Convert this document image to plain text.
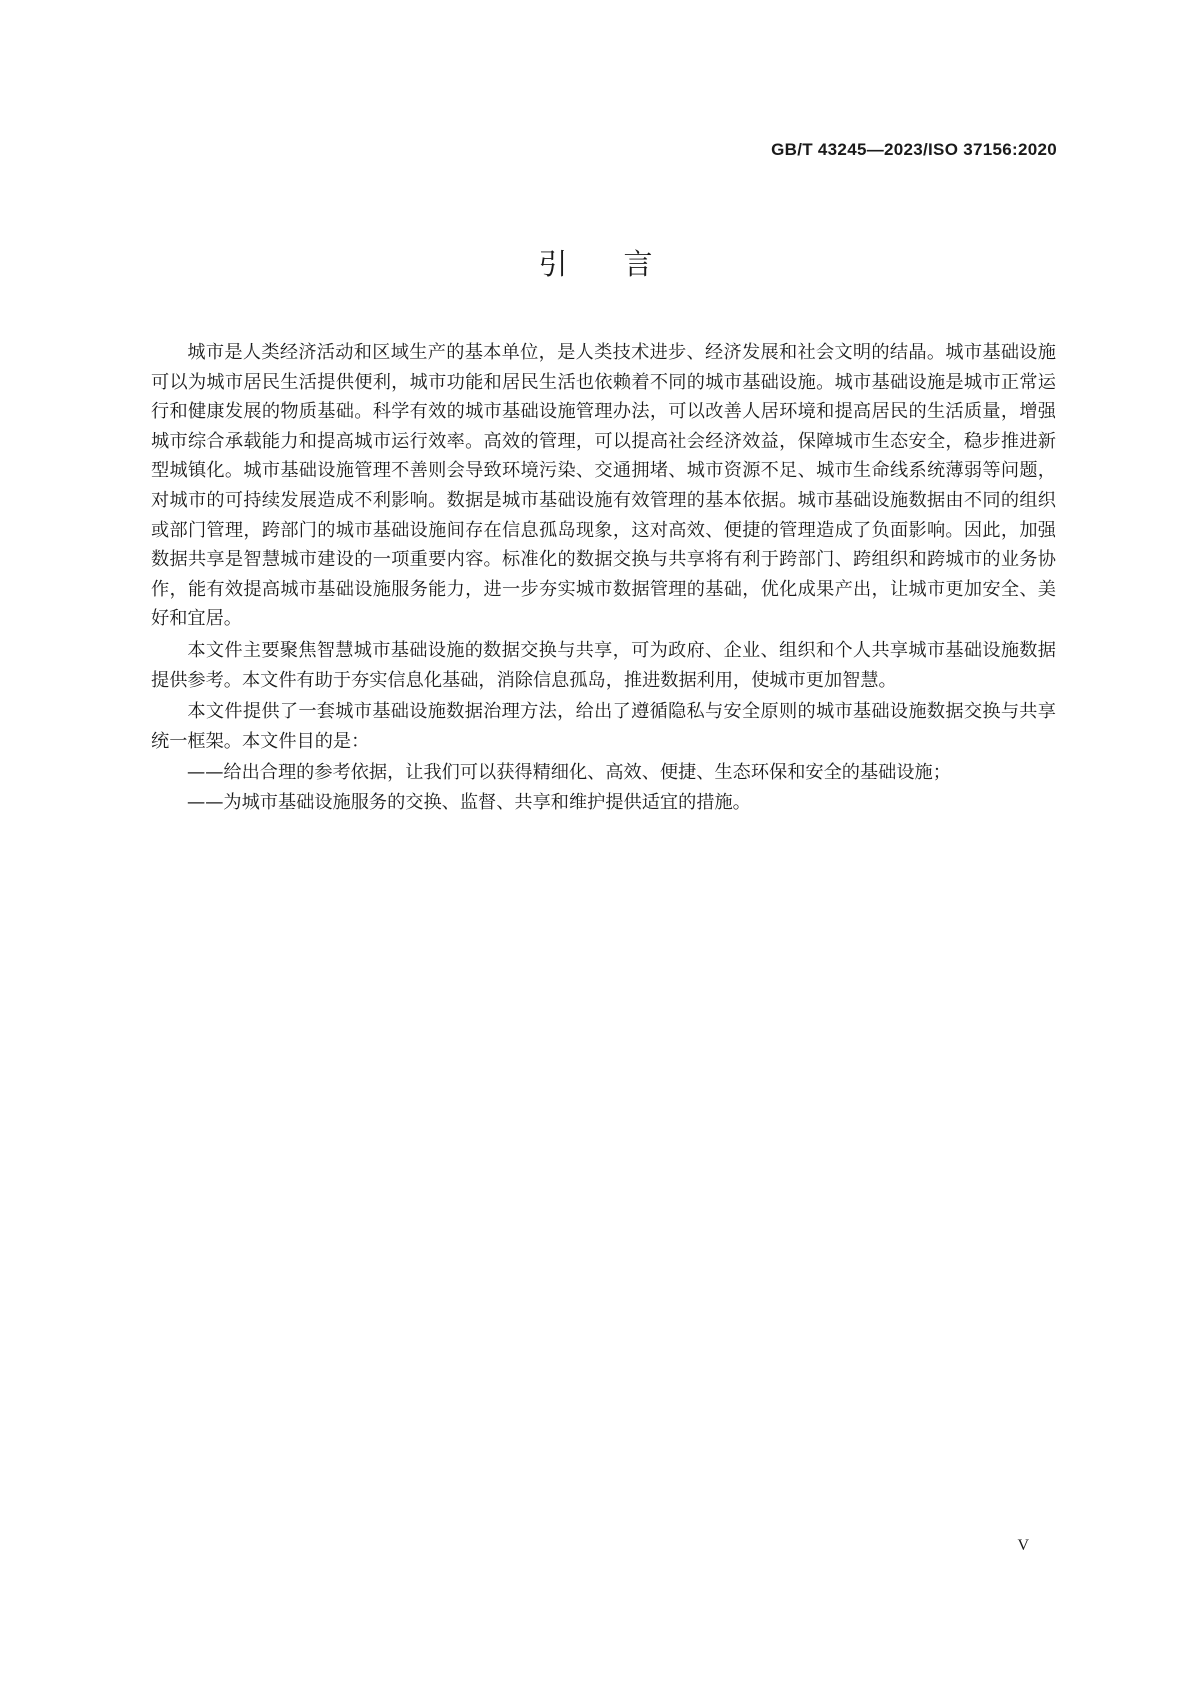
GB/T 43245—2023/ISO 37156:2020
引言

城市是人类经济活动和区域生产的基本单位，是人类技术进步、经济发展和社会文明的结晶。城市基础设施可以为城市居民生活提供便利，城市功能和居民生活也依赖着不同的城市基础设施。城市基础设施是城市正常运行和健康发展的物质基础。科学有效的城市基础设施管理办法，可以改善人居环境和提高居民的生活质量，增强城市综合承载能力和提高城市运行效率。高效的管理，可以提高社会经济效益，保障城市生态安全，稳步推进新型城镇化。城市基础设施管理不善则会导致环境污染、交通拥堵、城市资源不足、城市生命线系统薄弱等问题，对城市的可持续发展造成不利影响。数据是城市基础设施有效管理的基本依据。城市基础设施数据由不同的组织或部门管理，跨部门的城市基础设施间存在信息孤岛现象，这对高效、便捷的管理造成了负面影响。因此，加强数据共享是智慧城市建设的一项重要内容。标准化的数据交换与共享将有利于跨部门、跨组织和跨城市的业务协作，能有效提高城市基础设施服务能力，进一步夯实城市数据管理的基础，优化成果产出，让城市更加安全、美好和宜居。

本文件主要聚焦智慧城市基础设施的数据交换与共享，可为政府、企业、组织和个人共享城市基础设施数据提供参考。本文件有助于夯实信息化基础，消除信息孤岛，推进数据利用，使城市更加智慧。

本文件提供了一套城市基础设施数据治理方法，给出了遵循隐私与安全原则的城市基础设施数据交换与共享统一框架。本文件目的是：

——给出合理的参考依据，让我们可以获得精细化、高效、便捷、生态环保和安全的基础设施；

——为城市基础设施服务的交换、监督、共享和维护提供适宜的措施。

V
